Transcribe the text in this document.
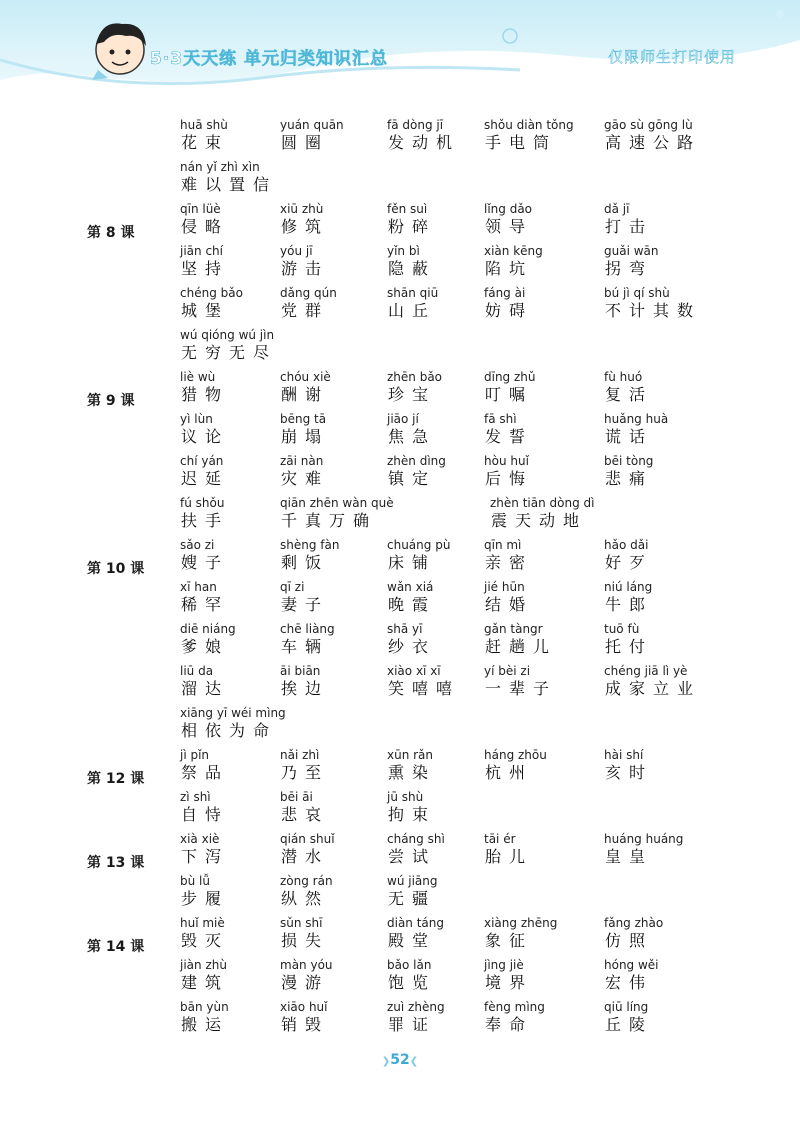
5·3天天练 单元归类知识汇总	仅限师生打印使用
huā shù
花束
yuán quān
圆圈
fā dòng jī
发动机
shǒu diàn tǒng
手电筒
gāo sù gōng lù
高速公路
nán yǐ zhì xìn
难以置信
第 8 课
qīn lüè
侵略
xiū zhù
修筑
fěn suì
粉碎
lǐng dǎo
领导
dǎ jī
打击
jiān chí
坚持
yóu jī
游击
yǐn bì
隐蔽
xiàn kēng
陷坑
guǎi wān
拐弯
chéng bǎo
城堡
dǎng qún
党群
shān qiū
山丘
fáng ài
妨碍
bú jì qí shù
不计其数
wú qióng wú jìn
无穷无尽
第 9 课
liè wù
猎物
chóu xiè
酬谢
zhēn bǎo
珍宝
dīng zhǔ
叮嘱
fù huó
复活
yì lùn
议论
bēng tā
崩塌
jiāo jí
焦急
fā shì
发誓
huǎng huà
谎话
chí yán
迟延
zāi nàn
灾难
zhèn dìng
镇定
hòu huǐ
后悔
bēi tòng
悲痛
fú shǒu
扶手
qiān zhēn wàn què
千真万确
zhèn tiān dòng dì
震天动地
第 10 课
sǎo zi
嫂子
shèng fàn
剩饭
chuáng pù
床铺
qīn mì
亲密
hǎo dǎi
好歹
xī han
稀罕
qī zi
妻子
wǎn xiá
晚霞
jié hūn
结婚
niú láng
牛郎
diē niáng
爹娘
chē liàng
车辆
shā yī
纱衣
gǎn tàngr
赶趟儿
tuō fù
托付
liū da
溜达
āi biān
挨边
xiào xī xī
笑嘻嘻
yí bèi zi
一辈子
chéng jiā lì yè
成家立业
xiāng yī wéi mìng
相依为命
第 12 课
jì pǐn
祭品
nǎi zhì
乃至
xūn rǎn
熏染
háng zhōu
杭州
hài shí
亥时
zì shì
自恃
bēi āi
悲哀
jū shù
拘束
第 13 课
xià xiè
下泻
qián shuǐ
潜水
cháng shì
尝试
tāi ér
胎儿
huáng huáng
皇皇
bù lǚ
步履
zòng rán
纵然
wú jiāng
无疆
第 14 课
huǐ miè
毁灭
sǔn shī
损失
diàn táng
殿堂
xiàng zhēng
象征
fǎng zhào
仿照
jiàn zhù
建筑
màn yóu
漫游
bǎo lǎn
饱览
jìng jiè
境界
hóng wěi
宏伟
bān yùn
搬运
xiāo huǐ
销毁
zuì zhèng
罪证
fèng mìng
奉命
qiū líng
丘陵
❯52❮
